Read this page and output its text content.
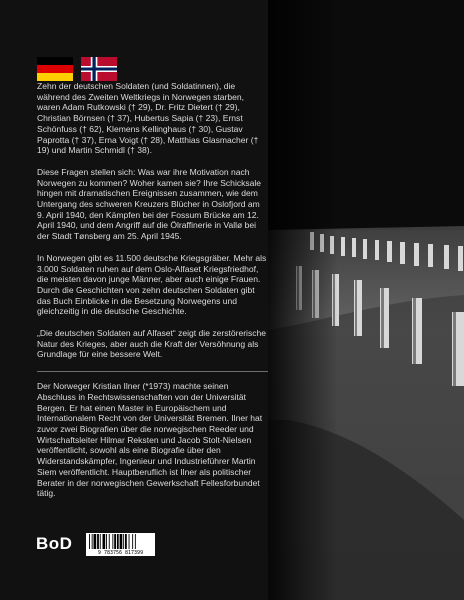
Zehn der deutschen Soldaten (und Soldatinnen), die während des Zweiten Weltkriegs in Norwegen starben, waren Adam Rutkowski († 29), Dr. Fritz Dietert († 29), Christian Börnsen († 37), Hubertus Sapia († 23), Ernst Schönfuss († 62), Klemens Kellinghaus († 30), Gustav Paprotta († 37), Erna Voigt († 28), Matthias Glasmacher († 19) und Martin Schmidl († 38).

Diese Fragen stellen sich: Was war ihre Motivation nach Norwegen zu kommen? Woher kamen sie? Ihre Schicksale hingen mit dramatischen Ereignissen zusammen, wie dem Untergang des schweren Kreuzers Blücher in Oslofjord am 9. April 1940, den Kämpfen bei der Fossum Brücke am 12. April 1940, und dem Angriff auf die Ölraffinerie in Vallø bei der Stadt Tønsberg am 25. April 1945.

In Norwegen gibt es 11.500 deutsche Kriegsgräber. Mehr als 3.000 Soldaten ruhen auf dem Oslo-Alfaset Kriegsfriedhof, die meisten davon junge Männer, aber auch einige Frauen. Durch die Geschichten von zehn deutschen Soldaten gibt das Buch Einblicke in die Besetzung Norwegens und gleichzeitig in die deutsche Geschichte.

„Die deutschen Soldaten auf Alfaset“ zeigt die zerstörerische Natur des Krieges, aber auch die Kraft der Versöhnung als Grundlage für eine bessere Welt.

Der Norweger Kristian Ilner (*1973) machte seinen Abschluss in Rechtswissenschaften von der Universität Bergen. Er hat einen Master in Europäischem und Internationalem Recht von der Universität Bremen. Ilner hat zuvor zwei Biografien über die norwegischen Reeder und Wirtschaftsleiter Hilmar Reksten und Jacob Stolt-Nielsen veröffentlicht, sowohl als eine Biografie über den Widerstandskämpfer, Ingenieur und Industrieführer Martin Siem veröffentlicht. Hauptberuflich ist Ilner als politischer Berater in der norwegischen Gewerkschaft Fellesforbundet tätig.

BoD	9 783756 817399
